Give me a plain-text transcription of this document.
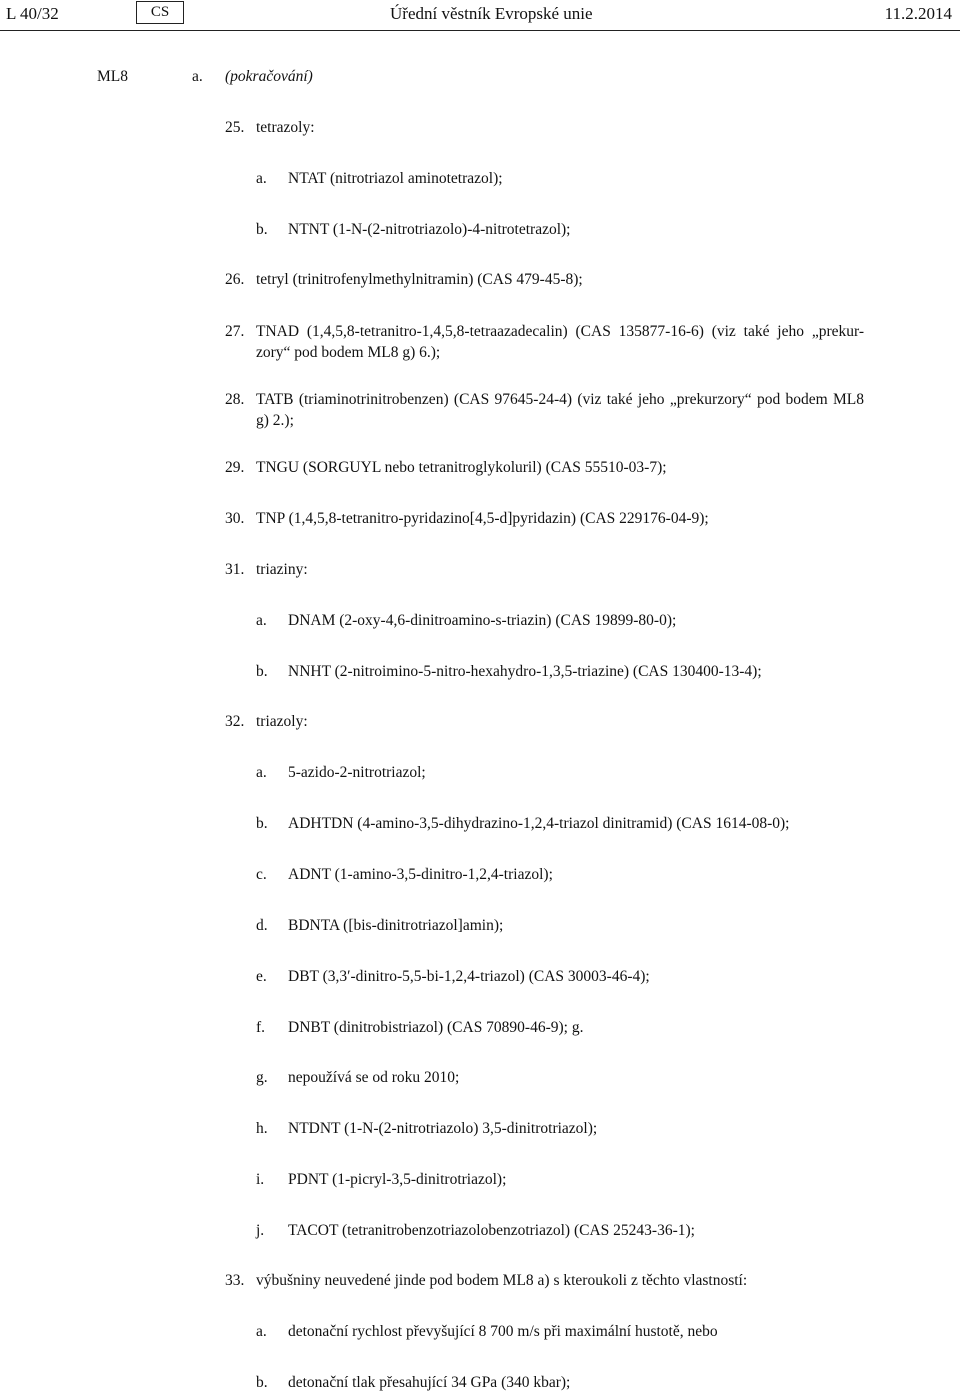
L 40/32	CS	Úřední věstník Evropské unie	11.2.2014
ML8	a. (pokračování)
25. tetrazoly:
a. NTAT (nitrotriazol aminotetrazol);
b. NTNT (1-N-(2-nitrotriazolo)-4-nitrotetrazol);
26. tetryl (trinitrofenylmethylnitramin) (CAS 479-45-8);
27. TNAD (1,4,5,8-tetranitro-1,4,5,8-tetraazadecalin) (CAS 135877-16-6) (viz také jeho „prekur-
zory“ pod bodem ML8 g) 6.);
28. TATB (triaminotrinitrobenzen) (CAS 97645-24-4) (viz také jeho „prekurzory“ pod bodem ML8
g) 2.);
29. TNGU (SORGUYL nebo tetranitroglykoluril) (CAS 55510-03-7);
30. TNP (1,4,5,8-tetranitro-pyridazino[4,5-d]pyridazin) (CAS 229176-04-9);
31. triaziny:
a. DNAM (2-oxy-4,6-dinitroamino-s-triazin) (CAS 19899-80-0);
b. NNHT (2-nitroimino-5-nitro-hexahydro-1,3,5-triazine) (CAS 130400-13-4);
32. triazoly:
a. 5-azido-2-nitrotriazol;
b. ADHTDN (4-amino-3,5-dihydrazino-1,2,4-triazol dinitramid) (CAS 1614-08-0);
c. ADNT (1-amino-3,5-dinitro-1,2,4-triazol);
d. BDNTA ([bis-dinitrotriazol]amin);
e. DBT (3,3′-dinitro-5,5-bi-1,2,4-triazol) (CAS 30003-46-4);
f. DNBT (dinitrobistriazol) (CAS 70890-46-9); g.
g. nepoužívá se od roku 2010;
h. NTDNT (1-N-(2-nitrotriazolo) 3,5-dinitrotriazol);
i. PDNT (1-picryl-3,5-dinitrotriazol);
j. TACOT (tetranitrobenzotriazolobenzotriazol) (CAS 25243-36-1);
33. výbušniny neuvedené jinde pod bodem ML8 a) s kteroukoli z těchto vlastností:
a. detonační rychlost převyšující 8 700 m/s při maximální hustotě, nebo
b. detonační tlak přesahující 34 GPa (340 kbar);
